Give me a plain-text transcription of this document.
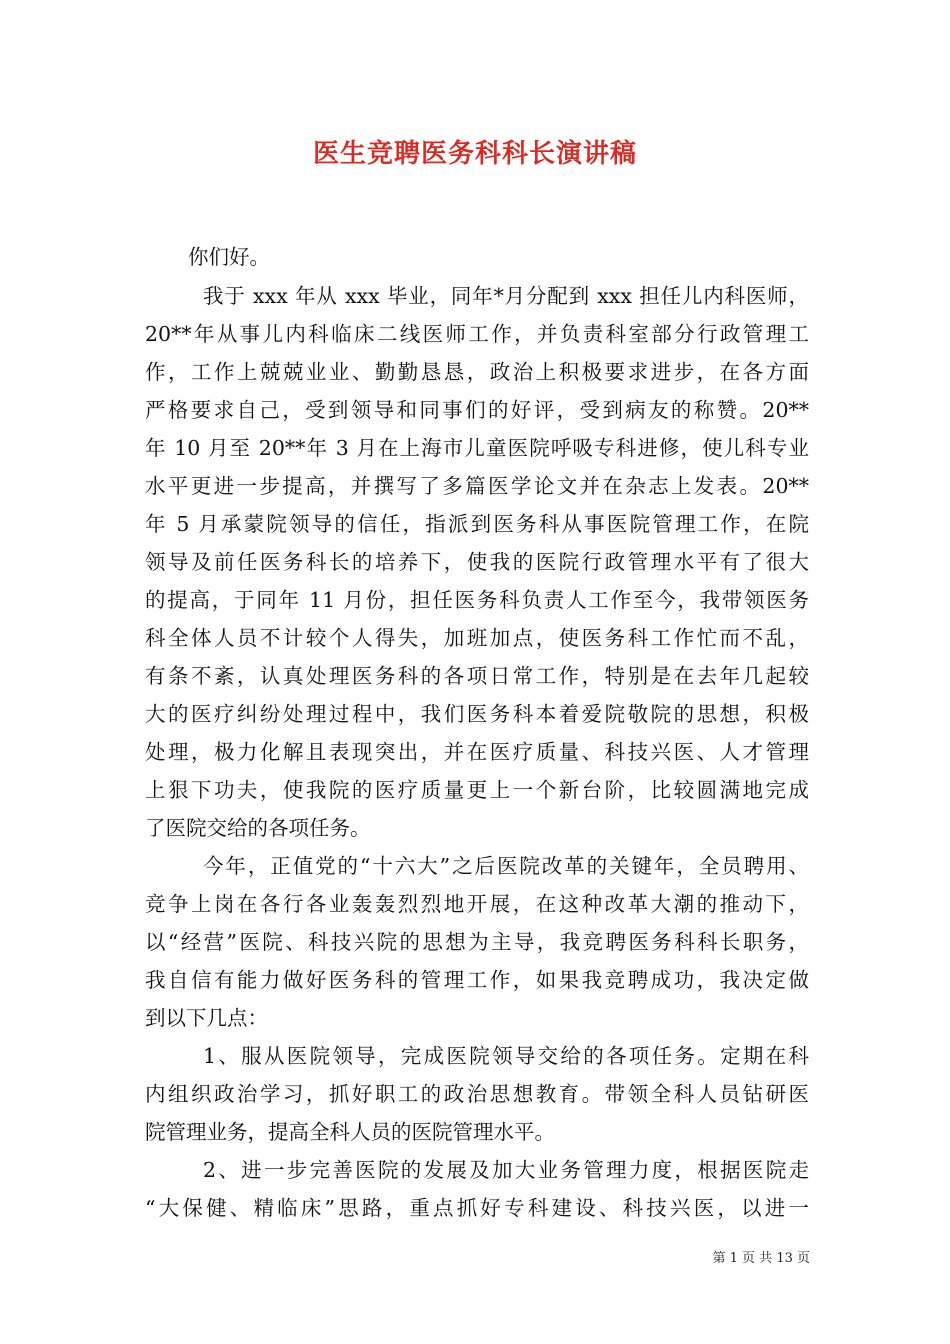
医生竞聘医务科科长演讲稿
你们好。
我于 xxx 年从 xxx 毕业，同年*月分配到 xxx 担任儿内科医师，
20**年从事儿内科临床二线医师工作，并负责科室部分行政管理工
作，工作上兢兢业业、勤勤恳恳，政治上积极要求进步，在各方面
严格要求自己，受到领导和同事们的好评，受到病友的称赞。20**
年 10 月至 20**年 3 月在上海市儿童医院呼吸专科进修，使儿科专业
水平更进一步提高，并撰写了多篇医学论文并在杂志上发表。20**
年 5 月承蒙院领导的信任，指派到医务科从事医院管理工作，在院
领导及前任医务科长的培养下，使我的医院行政管理水平有了很大
的提高，于同年 11 月份，担任医务科负责人工作至今，我带领医务
科全体人员不计较个人得失，加班加点，使医务科工作忙而不乱，
有条不紊，认真处理医务科的各项日常工作，特别是在去年几起较
大的医疗纠纷处理过程中，我们医务科本着爱院敬院的思想，积极
处理，极力化解且表现突出，并在医疗质量、科技兴医、人才管理
上狠下功夫，使我院的医疗质量更上一个新台阶，比较圆满地完成
了医院交给的各项任务。
今年，正值党的“十六大”之后医院改革的关键年，全员聘用、
竞争上岗在各行各业轰轰烈烈地开展，在这种改革大潮的推动下，
以“经营”医院、科技兴院的思想为主导，我竞聘医务科科长职务，
我自信有能力做好医务科的管理工作，如果我竞聘成功，我决定做
到以下几点：
1、服从医院领导，完成医院领导交给的各项任务。定期在科
内组织政治学习，抓好职工的政治思想教育。带领全科人员钻研医
院管理业务，提高全科人员的医院管理水平。
2、进一步完善医院的发展及加大业务管理力度，根据医院走
“大保健、精临床”思路，重点抓好专科建设、科技兴医，以进一
第 1 页 共 13 页
